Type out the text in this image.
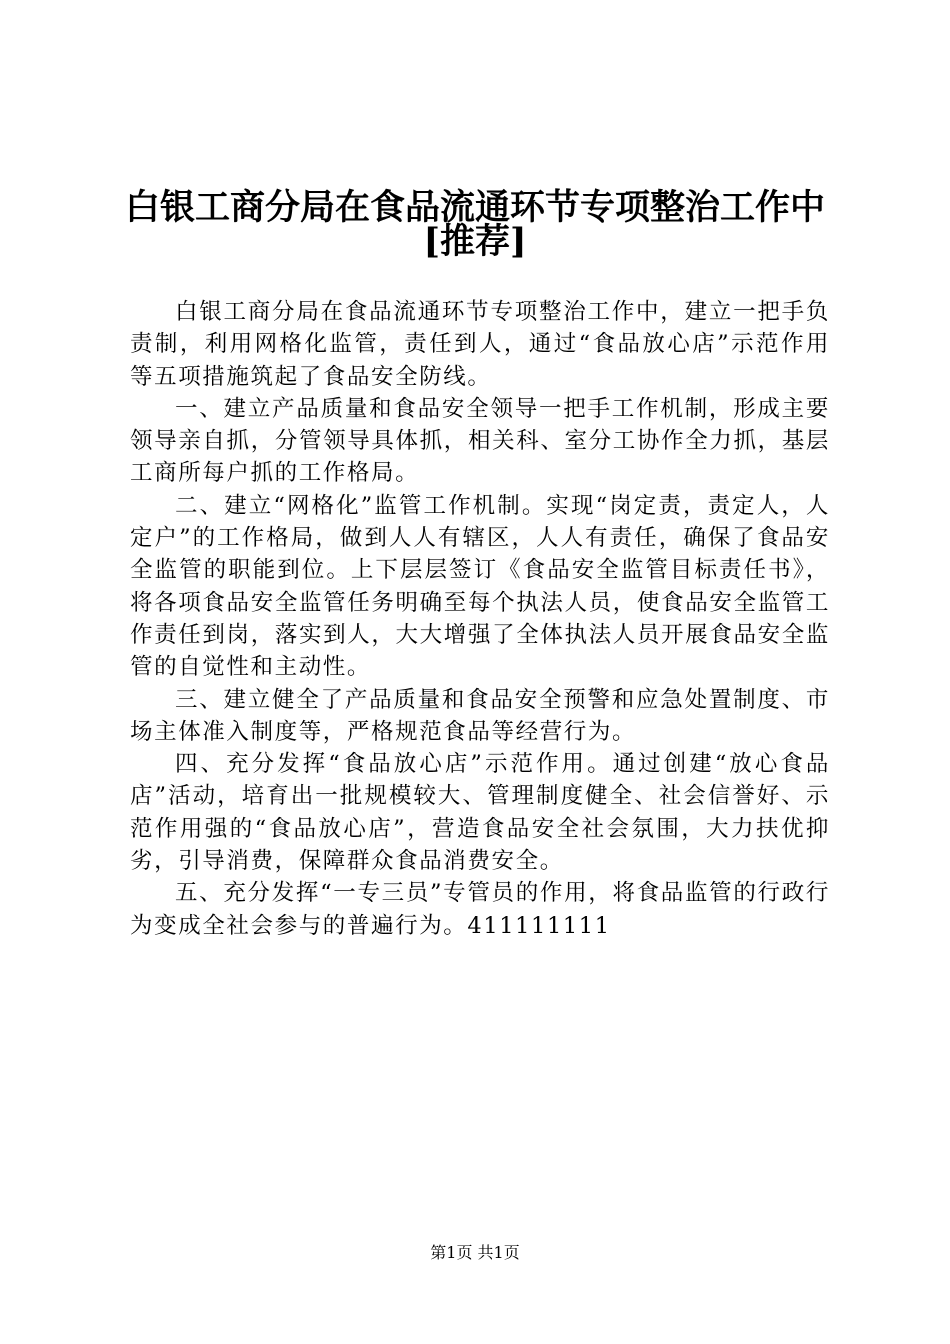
白银工商分局在食品流通环节专项整治工作中
[推荐]

白银工商分局在食品流通环节专项整治工作中，建立一把手负责制，利用网格化监管，责任到人，通过“食品放心店”示范作用等五项措施筑起了食品安全防线。

一、建立产品质量和食品安全领导一把手工作机制，形成主要领导亲自抓，分管领导具体抓，相关科、室分工协作全力抓，基层工商所每户抓的工作格局。

二、建立“网格化”监管工作机制。实现“岗定责，责定人，人定户”的工作格局，做到人人有辖区，人人有责任，确保了食品安全监管的职能到位。上下层层签订《食品安全监管目标责任书》，将各项食品安全监管任务明确至每个执法人员，使食品安全监管工作责任到岗，落实到人，大大增强了全体执法人员开展食品安全监管的自觉性和主动性。

三、建立健全了产品质量和食品安全预警和应急处置制度、市场主体准入制度等，严格规范食品等经营行为。

四、充分发挥“食品放心店”示范作用。通过创建“放心食品店”活动，培育出一批规模较大、管理制度健全、社会信誉好、示范作用强的“食品放心店”，营造食品安全社会氛围，大力扶优抑劣，引导消费，保障群众食品消费安全。

五、充分发挥“一专三员”专管员的作用，将食品监管的行政行为变成全社会参与的普遍行为。411111111

第1页 共1页
